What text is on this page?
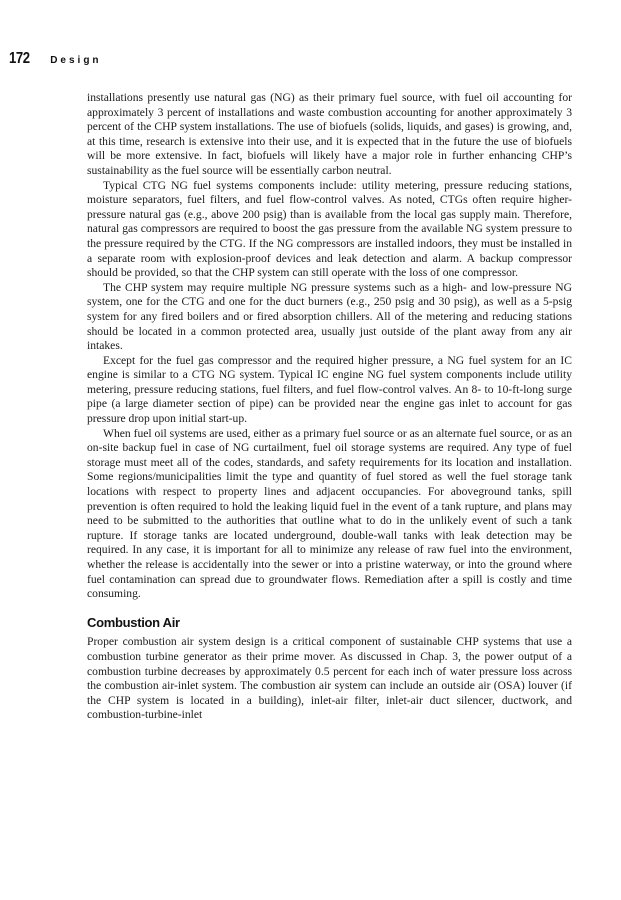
172 Design

installations presently use natural gas (NG) as their primary fuel source, with fuel oil accounting for approximately 3 percent of installations and waste combustion accounting for another approximately 3 percent of the CHP system installations. The use of biofuels (solids, liquids, and gases) is growing, and, at this time, research is extensive into their use, and it is expected that in the future the use of biofuels will be more extensive. In fact, biofuels will likely have a major role in further enhancing CHP’s sustainability as the fuel source will be essentially carbon neutral.

Typical CTG NG fuel systems components include: utility metering, pressure reducing stations, moisture separators, fuel filters, and fuel flow-control valves. As noted, CTGs often require higher-pressure natural gas (e.g., above 200 psig) than is available from the local gas supply main. Therefore, natural gas compressors are required to boost the gas pressure from the available NG system pressure to the pressure required by the CTG. If the NG compressors are installed indoors, they must be installed in a separate room with explosion-proof devices and leak detection and alarm. A backup compressor should be provided, so that the CHP system can still operate with the loss of one compressor.

The CHP system may require multiple NG pressure systems such as a high- and low-pressure NG system, one for the CTG and one for the duct burners (e.g., 250 psig and 30 psig), as well as a 5-psig system for any fired boilers and or fired absorption chillers. All of the metering and reducing stations should be located in a common protected area, usually just outside of the plant away from any air intakes.

Except for the fuel gas compressor and the required higher pressure, a NG fuel system for an IC engine is similar to a CTG NG system. Typical IC engine NG fuel system components include utility metering, pressure reducing stations, fuel filters, and fuel flow-control valves. An 8- to 10-ft-long surge pipe (a large diameter section of pipe) can be provided near the engine gas inlet to account for gas pressure drop upon initial start-up.

When fuel oil systems are used, either as a primary fuel source or as an alternate fuel source, or as an on-site backup fuel in case of NG curtailment, fuel oil storage systems are required. Any type of fuel storage must meet all of the codes, standards, and safety requirements for its location and installation. Some regions/municipalities limit the type and quantity of fuel stored as well the fuel storage tank locations with respect to property lines and adjacent occupancies. For aboveground tanks, spill prevention is often required to hold the leaking liquid fuel in the event of a tank rupture, and plans may need to be submitted to the authorities that outline what to do in the unlikely event of such a tank rupture. If storage tanks are located underground, double-wall tanks with leak detection may be required. In any case, it is important for all to minimize any release of raw fuel into the environment, whether the release is accidentally into the sewer or into a pristine waterway, or into the ground where fuel contamination can spread due to groundwater flows. Remediation after a spill is costly and time consuming.

Combustion Air

Proper combustion air system design is a critical component of sustainable CHP systems that use a combustion turbine generator as their prime mover. As discussed in Chap. 3, the power output of a combustion turbine decreases by approximately 0.5 percent for each inch of water pressure loss across the combustion air-inlet system. The combustion air system can include an outside air (OSA) louver (if the CHP system is located in a building), inlet-air filter, inlet-air duct silencer, ductwork, and combustion-turbine-inlet
